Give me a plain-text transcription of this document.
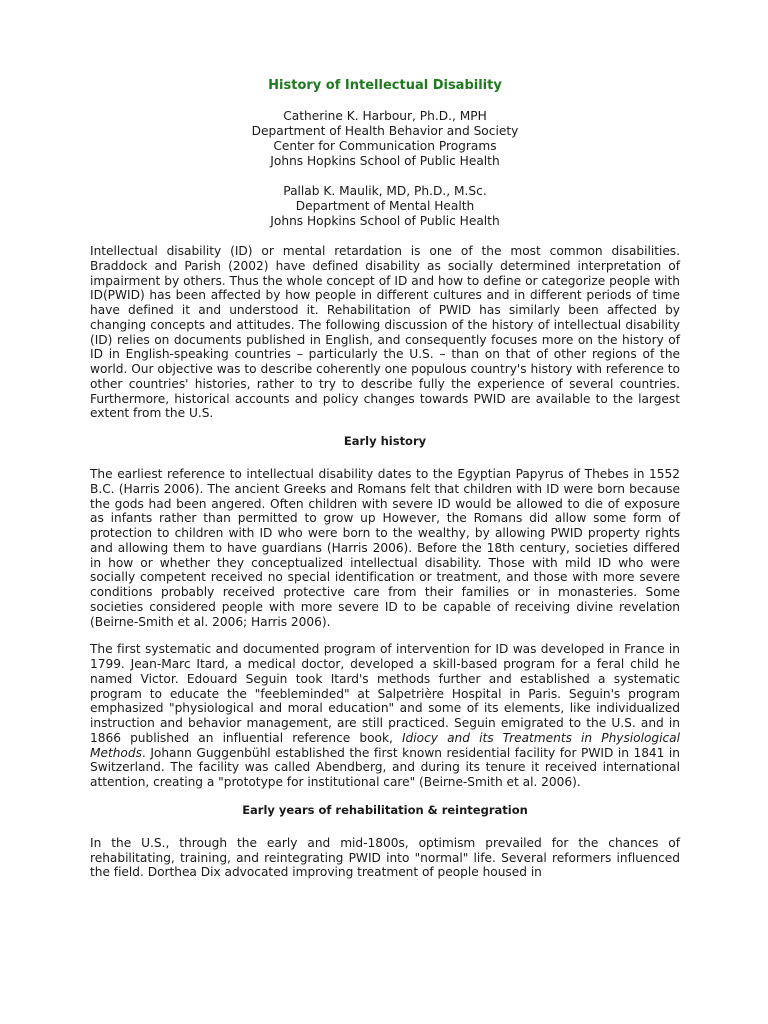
History of Intellectual Disability
Catherine K. Harbour, Ph.D., MPH
Department of Health Behavior and Society
Center for Communication Programs
Johns Hopkins School of Public Health
Pallab K. Maulik, MD, Ph.D., M.Sc.
Department of Mental Health
Johns Hopkins School of Public Health

Intellectual disability (ID) or mental retardation is one of the most common disabilities. Braddock and Parish (2002) have defined disability as socially determined interpretation of impairment by others. Thus the whole concept of ID and how to define or categorize people with ID(PWID) has been affected by how people in different cultures and in different periods of time have defined it and understood it. Rehabilitation of PWID has similarly been affected by changing concepts and attitudes. The following discussion of the history of intellectual disability (ID) relies on documents published in English, and consequently focuses more on the history of ID in English-speaking countries – particularly the U.S. – than on that of other regions of the world. Our objective was to describe coherently one populous country's history with reference to other countries' histories, rather to try to describe fully the experience of several countries. Furthermore, historical accounts and policy changes towards PWID are available to the largest extent from the U.S.

Early history

The earliest reference to intellectual disability dates to the Egyptian Papyrus of Thebes in 1552 B.C. (Harris 2006). The ancient Greeks and Romans felt that children with ID were born because the gods had been angered. Often children with severe ID would be allowed to die of exposure as infants rather than permitted to grow up However, the Romans did allow some form of protection to children with ID who were born to the wealthy, by allowing PWID property rights and allowing them to have guardians (Harris 2006). Before the 18th century, societies differed in how or whether they conceptualized intellectual disability. Those with mild ID who were socially competent received no special identification or treatment, and those with more severe conditions probably received protective care from their families or in monasteries. Some societies considered people with more severe ID to be capable of receiving divine revelation (Beirne-Smith et al. 2006; Harris 2006).

The first systematic and documented program of intervention for ID was developed in France in 1799. Jean-Marc Itard, a medical doctor, developed a skill-based program for a feral child he named Victor. Edouard Seguin took Itard's methods further and established a systematic program to educate the "feebleminded" at Salpetrière Hospital in Paris. Seguin's program emphasized "physiological and moral education" and some of its elements, like individualized instruction and behavior management, are still practiced. Seguin emigrated to the U.S. and in 1866 published an influential reference book, Idiocy and its Treatments in Physiological Methods. Johann Guggenbühl established the first known residential facility for PWID in 1841 in Switzerland. The facility was called Abendberg, and during its tenure it received international attention, creating a "prototype for institutional care" (Beirne-Smith et al. 2006).

Early years of rehabilitation & reintegration

In the U.S., through the early and mid-1800s, optimism prevailed for the chances of rehabilitating, training, and reintegrating PWID into "normal" life. Several reformers influenced the field. Dorthea Dix advocated improving treatment of people housed in
